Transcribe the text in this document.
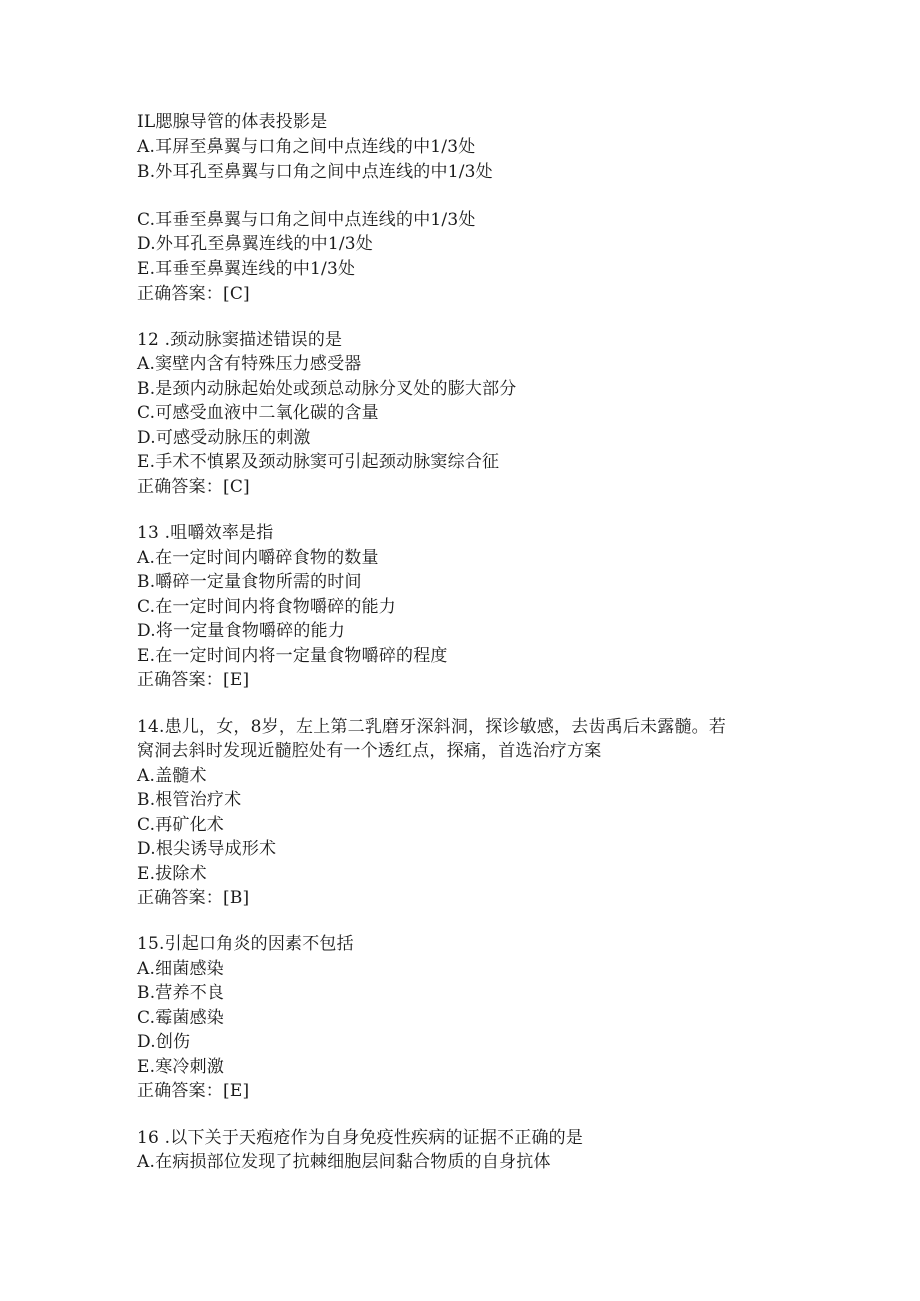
IL腮腺导管的体表投影是
A.耳屏至鼻翼与口角之间中点连线的中1/3处
B.外耳孔至鼻翼与口角之间中点连线的中1/3处
C.耳垂至鼻翼与口角之间中点连线的中1/3处
D.外耳孔至鼻翼连线的中1/3处
E.耳垂至鼻翼连线的中1/3处
正确答案：[C]
12 .颈动脉窦描述错误的是
A.窦壁内含有特殊压力感受器
B.是颈内动脉起始处或颈总动脉分叉处的膨大部分
C.可感受血液中二氧化碳的含量
D.可感受动脉压的刺激
E.手术不慎累及颈动脉窦可引起颈动脉窦综合征
正确答案：[C]
13 .咀嚼效率是指
A.在一定时间内嚼碎食物的数量
B.嚼碎一定量食物所需的时间
C.在一定时间内将食物嚼碎的能力
D.将一定量食物嚼碎的能力
E.在一定时间内将一定量食物嚼碎的程度
正确答案：[E]
14.患儿，女，8岁，左上第二乳磨牙深斜洞，探诊敏感，去齿禹后未露髓。若
窝洞去斜时发现近髓腔处有一个透红点，探痛，首选治疗方案
A.盖髓术
B.根管治疗术
C.再矿化术
D.根尖诱导成形术
E.拔除术
正确答案：[B]
15.引起口角炎的因素不包括
A.细菌感染
B.营养不良
C.霉菌感染
D.创伤
E.寒冷刺激
正确答案：[E]
16 .以下关于天疱疮作为自身免疫性疾病的证据不正确的是
A.在病损部位发现了抗棘细胞层间黏合物质的自身抗体
